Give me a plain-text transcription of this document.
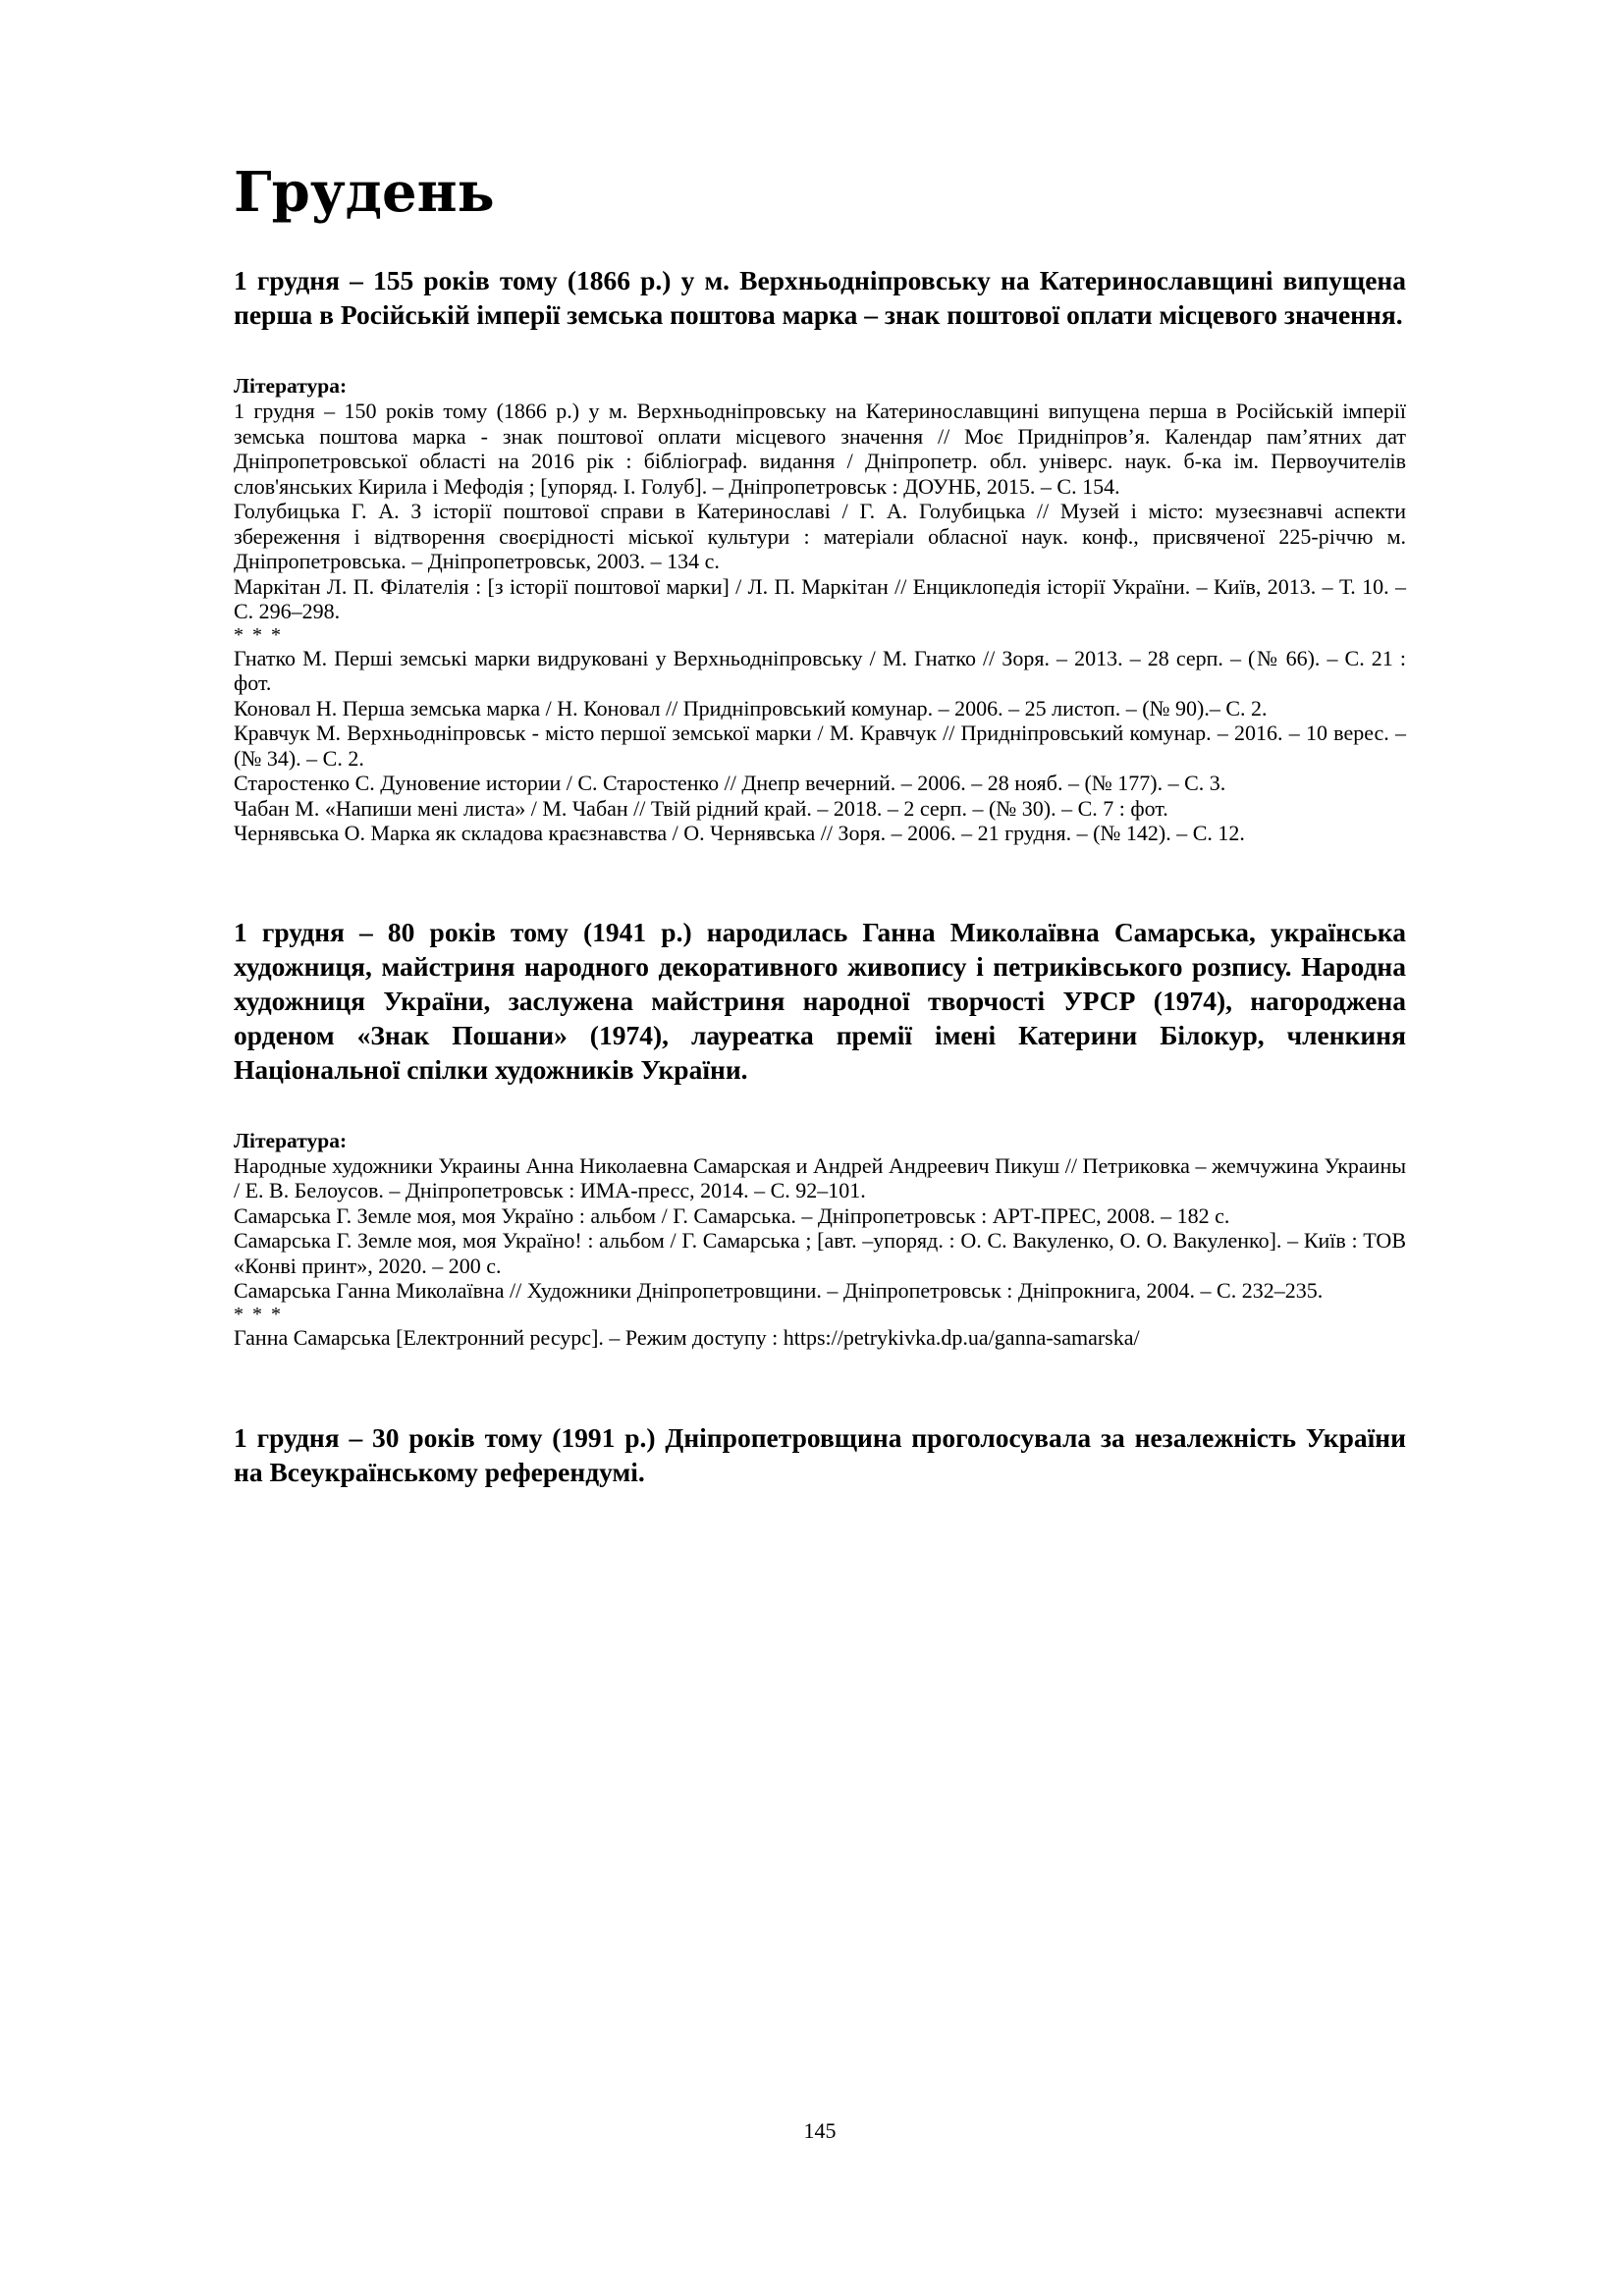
Грудень

1 грудня – 155 років тому (1866 р.) у м. Верхньодніпровську на Катеринославщині випущена перша в Російській імперії земська поштова марка – знак поштової оплати місцевого значення.

Література:

1 грудня – 150 років тому (1866 р.) у м. Верхньодніпровську на Катеринославщині випущена перша в Російській імперії земська поштова марка - знак поштової оплати місцевого значення // Моє Придніпров’я. Календар пам’ятних дат Дніпропетровської області на 2016 рік : бібліограф. видання / Дніпропетр. обл. універс. наук. б-ка ім. Первоучителів слов'янських Кирила і Мефодія ; [упоряд. І. Голуб]. – Дніпропетровськ : ДОУНБ, 2015. – С. 154.

Голубицька Г. А. З історії поштової справи в Катеринославі / Г. А. Голубицька // Музей і місто: музеєзнавчі аспекти збереження і відтворення своєрідності міської культури : матеріали обласної наук. конф., присвяченої 225-річчю м. Дніпропетровська. – Дніпропетровськ, 2003. – 134 с.

Маркітан Л. П. Філателія : [з історії поштової марки] / Л. П. Маркітан // Енциклопедія історії України. – Київ, 2013. – Т. 10. – С. 296–298.

* * *

Гнатко М. Перші земські марки видруковані у Верхньодніпровську / М. Гнатко // Зоря. – 2013. – 28 серп. – (№ 66). – С. 21 : фот.

Коновал Н. Перша земська марка / Н. Коновал // Придніпровський комунар. – 2006. – 25 листоп. – (№ 90).– С. 2.

Кравчук М. Верхньодніпровськ - місто першої земської марки / М. Кравчук // Придніпровський комунар. – 2016. – 10 верес. – (№ 34). – С. 2.

Старостенко С. Дуновение истории / С. Старостенко // Днепр вечерний. – 2006. – 28 нояб. – (№ 177). – С. 3.

Чабан М. «Напиши мені листа» / М. Чабан // Твій рідний край. – 2018. – 2 серп. – (№ 30). – С. 7 : фот.

Чернявська О. Марка як складова краєзнавства / О. Чернявська // Зоря. – 2006. – 21 грудня. – (№ 142). – С. 12.

1 грудня – 80 років тому (1941 р.) народилась Ганна Миколаївна Самарська, українська художниця, майстриня народного декоративного живопису і петриківського розпису. Народна художниця України, заслужена майстриня народної творчості УРСР (1974), нагороджена орденом «Знак Пошани» (1974), лауреатка премії імені Катерини Білокур, членкиня Національної спілки художників України.

Література:

Народные художники Украины Анна Николаевна Самарская и Андрей Андреевич Пикуш // Петриковка – жемчужина Украины / Е. В. Белоусов. – Дніпропетровськ : ИМА-пресс, 2014. – С. 92–101.

Самарська Г. Земле моя, моя Україно : альбом / Г. Самарська. – Дніпропетровськ : АРТ-ПРЕС, 2008. – 182 с.

Самарська Г. Земле моя, моя Україно! : альбом / Г. Самарська ; [авт. –упоряд. : О. С. Вакуленко, О. О. Вакуленко]. – Київ : ТОВ «Конві принт», 2020. – 200 с.

Самарська Ганна Миколаївна // Художники Дніпропетровщини. – Дніпропетровськ : Дніпрокнига, 2004. – С. 232–235.

* * *

Ганна Самарська [Електронний ресурс]. – Режим доступу : https://petrykivka.dp.ua/ganna-samarska/

1 грудня – 30 років тому (1991 р.) Дніпропетровщина проголосувала за незалежність України на Всеукраїнському референдумі.

145
